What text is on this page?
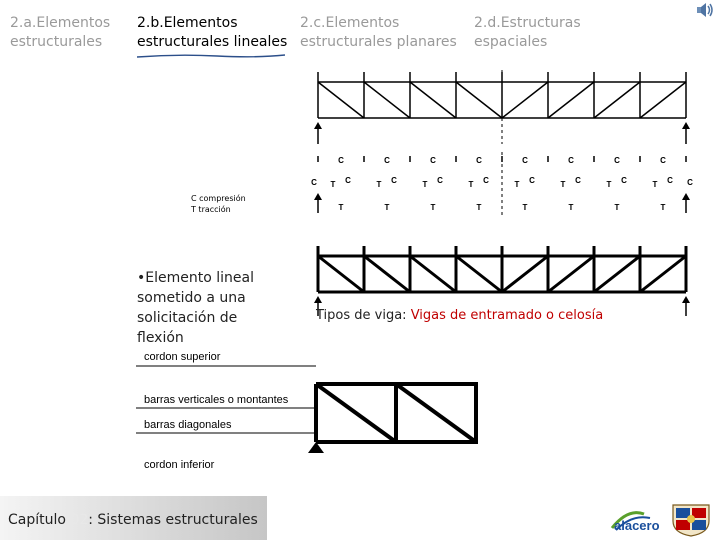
2.a.Elementos
estructurales
2.b.Elementos
estructurales lineales
2.c.Elementos
estructurales planares
2.d.Estructuras
espaciales
C
T C
T
C
T C
T
C
T C
T
C
T C
T
C
T C
T
C
T C
T
C
T C
T
C
T C
T
C	C
C compresión
T tracción
•Elemento lineal sometido a una solicitación de flexión
Tipos de viga: Vigas de entramado o celosía
cordon superior
barras verticales o montantes
barras diagonales
cordon inferior
Capítulo 02: Sistemas estructurales	alacero
